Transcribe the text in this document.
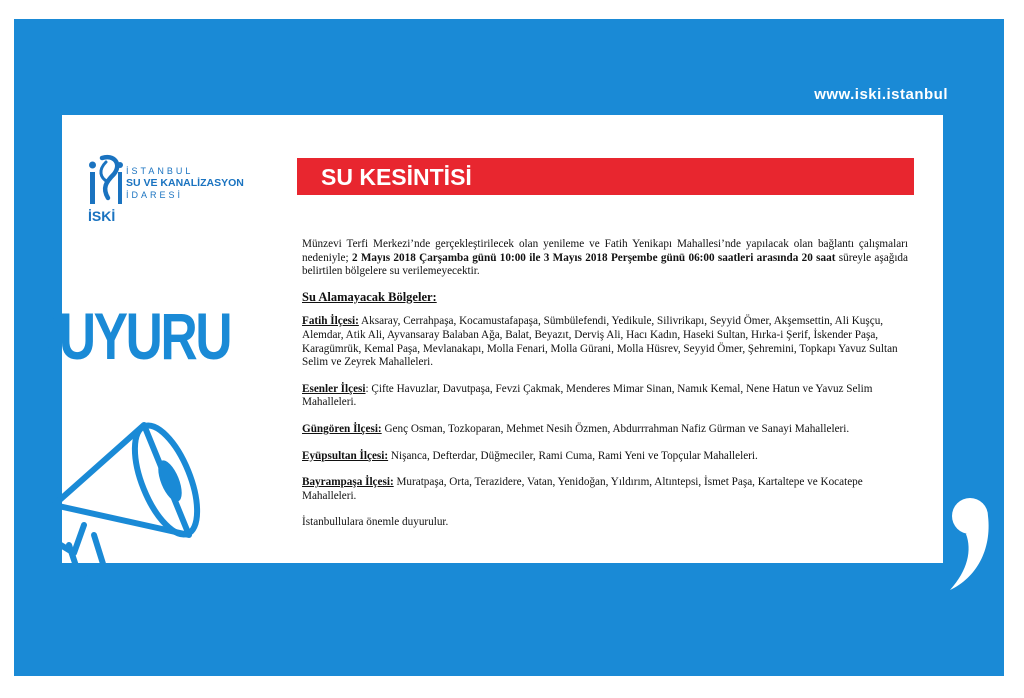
www.iski.istanbul
İSTANBUL
SU VE KANALİZASYON
İDARESİ
İSKİ
SU KESİNTİSİ

Münzevi Terfi Merkezi’nde gerçekleştirilecek olan yenileme ve Fatih Yenikapı Mahallesi’nde yapılacak olan bağlantı çalışmaları nedeniyle; 2 Mayıs 2018 Çarşamba günü 10:00 ile 3 Mayıs 2018 Perşembe günü 06:00 saatleri arasında 20 saat süreyle aşağıda belirtilen bölgelere su verilemeyecektir.

Su Alamayacak Bölgeler:

Fatih İlçesi: Aksaray, Cerrahpaşa, Kocamustafapaşa, Sümbülefendi, Yedikule, Silivrikapı, Seyyid Ömer, Akşemsettin, Ali Kuşçu, Alemdar, Atik Ali, Ayvansaray Balaban Ağa, Balat, Beyazıt, Derviş Ali, Hacı Kadın, Haseki Sultan, Hırka-i Şerif, İskender Paşa, Karagümrük, Kemal Paşa, Mevlanakapı, Molla Fenari, Molla Gürani, Molla Hüsrev, Seyyid Ömer, Şehremini, Topkapı Yavuz Sultan Selim ve Zeyrek Mahalleleri.

Esenler İlçesi: Çifte Havuzlar, Davutpaşa, Fevzi Çakmak, Menderes Mimar Sinan, Namık Kemal, Nene Hatun ve Yavuz Selim Mahalleleri.

Güngören İlçesi: Genç Osman, Tozkoparan, Mehmet Nesih Özmen, Abdurrrahman Nafiz Gürman ve Sanayi Mahalleleri.

Eyüpsultan İlçesi: Nişanca, Defterdar, Düğmeciler, Rami Cuma, Rami Yeni ve Topçular Mahalleleri.

Bayrampaşa İlçesi: Muratpaşa, Orta, Terazidere, Vatan, Yenidoğan, Yıldırım, Altıntepsi, İsmet Paşa, Kartaltepe ve Kocatepe Mahalleleri.

İstanbullulara önemle duyurulur.

DUYURU
